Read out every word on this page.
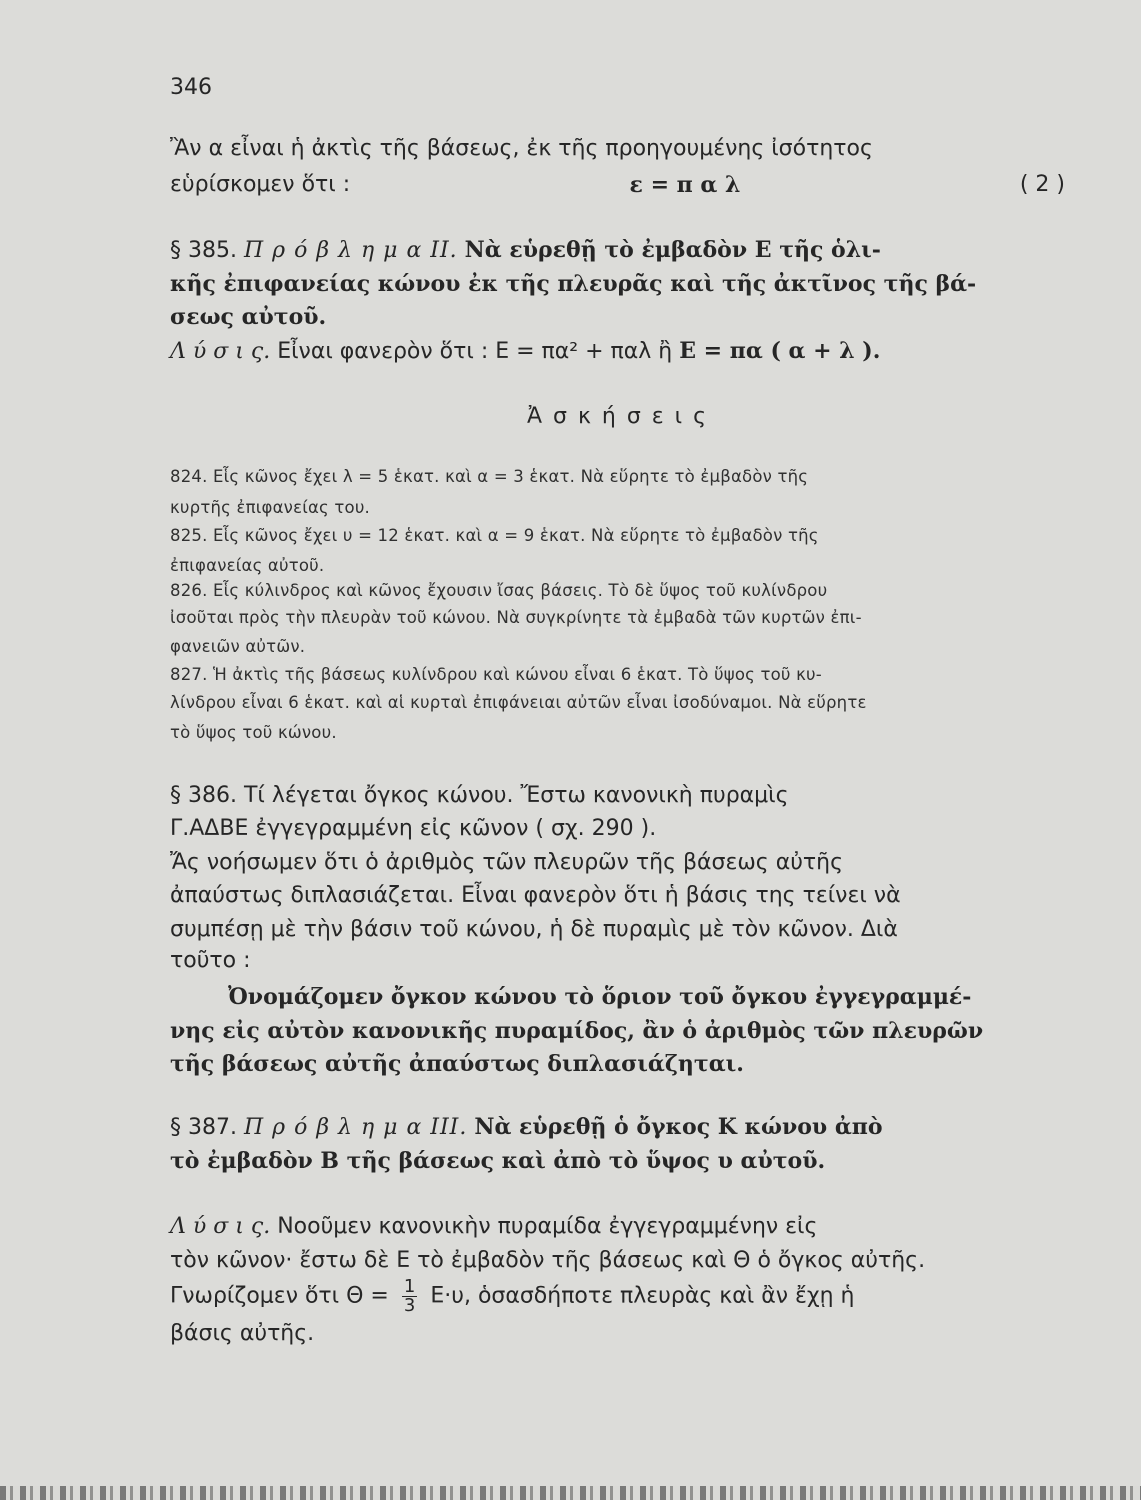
346
Ἂν α εἶναι ἡ ἀκτὶς τῆς βάσεως, ἐκ τῆς προηγουμένης ἰσότητος
εὑρίσκομεν ὅτι :	ε = π α λ	( 2 )
§ 385. Π ρ ό β λ η μ α II. Νὰ εὑρεθῇ τὸ ἐμβαδὸν Ε τῆς ὁλι-
κῆς ἐπιφανείας κώνου ἐκ τῆς πλευρᾶς καὶ τῆς ἀκτῖνος τῆς βά-
σεως αὐτοῦ.
Λ ύ σ ι ς. Εἶναι φανερὸν ὅτι : Ε = πα² + παλ ἢ Ε = πα ( α + λ ).
Ἀ σ κ ή σ ε ι ς
824. Εἷς κῶνος ἔχει λ = 5 ἑκατ. καὶ α = 3 ἑκατ. Νὰ εὕρητε τὸ ἐμβαδὸν τῆς
κυρτῆς ἐπιφανείας του.
825. Εἷς κῶνος ἔχει υ = 12 ἑκατ. καὶ α = 9 ἑκατ. Νὰ εὕρητε τὸ ἐμβαδὸν τῆς
ἐπιφανείας αὐτοῦ.
826. Εἷς κύλινδρος καὶ κῶνος ἔχουσιν ἴσας βάσεις. Τὸ δὲ ὕψος τοῦ κυλίνδρου
ἰσοῦται πρὸς τὴν πλευρὰν τοῦ κώνου. Νὰ συγκρίνητε τὰ ἐμβαδὰ τῶν κυρτῶν ἐπι-
φανειῶν αὐτῶν.
827. Ἡ ἀκτὶς τῆς βάσεως κυλίνδρου καὶ κώνου εἶναι 6 ἑκατ. Τὸ ὕψος τοῦ κυ-
λίνδρου εἶναι 6 ἑκατ. καὶ αἱ κυρταὶ ἐπιφάνειαι αὐτῶν εἶναι ἰσοδύναμοι. Νὰ εὕρητε
τὸ ὕψος τοῦ κώνου.
§ 386. Τί λέγεται ὄγκος κώνου. Ἔστω κανονικὴ πυραμὶς
Γ.ΑΔΒΕ ἐγγεγραμμένη εἰς κῶνον ( σχ. 290 ).
Ἄς νοήσωμεν ὅτι ὁ ἀριθμὸς τῶν πλευρῶν τῆς βάσεως αὐτῆς
ἀπαύστως διπλασιάζεται. Εἶναι φανερὸν ὅτι ἡ βάσις της τείνει νὰ
συμπέσῃ μὲ τὴν βάσιν τοῦ κώνου, ἡ δὲ πυραμὶς μὲ τὸν κῶνον. Διὰ
τοῦτο :
Ὀνομάζομεν ὄγκον κώνου τὸ ὅριον τοῦ ὄγκου ἐγγεγραμμέ-
νης εἰς αὐτὸν κανονικῆς πυραμίδος, ἂν ὁ ἀριθμὸς τῶν πλευρῶν
τῆς βάσεως αὐτῆς ἀπαύστως διπλασιάζηται.
§ 387. Π ρ ό β λ η μ α III. Νὰ εὑρεθῇ ὁ ὄγκος Κ κώνου ἀπὸ
τὸ ἐμβαδὸν Β τῆς βάσεως καὶ ἀπὸ τὸ ὕψος υ αὐτοῦ.
Λ ύ σ ι ς. Νοοῦμεν κανονικὴν πυραμίδα ἐγγεγραμμένην εἰς
τὸν κῶνον· ἔστω δὲ Ε τὸ ἐμβαδὸν τῆς βάσεως καὶ Θ ὁ ὄγκος αὐτῆς.
Γνωρίζομεν ὅτι $\Theta = \frac{1}{3} E\cdot\upsilon$, ὁσασδήποτε πλευρὰς καὶ ἂν ἔχῃ ἡ
βάσις αὐτῆς.
